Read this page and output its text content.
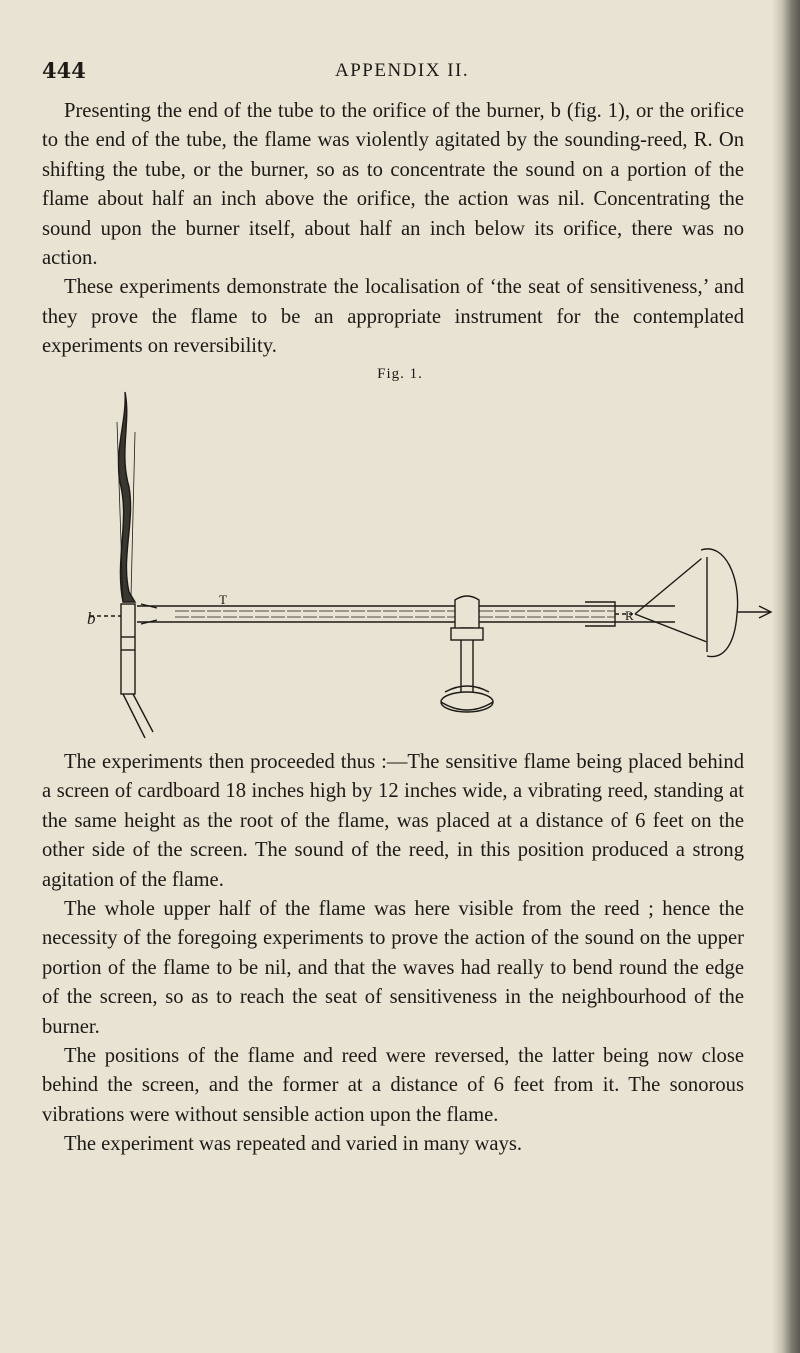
444	APPENDIX II.

Presenting the end of the tube to the orifice of the burner, b (fig. 1), or the orifice to the end of the tube, the flame was violently agitated by the sounding-reed, R. On shifting the tube, or the burner, so as to concentrate the sound on a portion of the flame about half an inch above the orifice, the action was nil. Concentrating the sound upon the burner itself, about half an inch below its orifice, there was no action.

These experiments demonstrate the localisation of ‘the seat of sensitiveness,’ and they prove the flame to be an appropriate instrument for the contemplated experiments on reversibility.

Fig. 1.
b
T
R

The experiments then proceeded thus :—The sensitive flame being placed behind a screen of cardboard 18 inches high by 12 inches wide, a vibrating reed, standing at the same height as the root of the flame, was placed at a distance of 6 feet on the other side of the screen. The sound of the reed, in this position produced a strong agitation of the flame.

The whole upper half of the flame was here visible from the reed ; hence the necessity of the foregoing experiments to prove the action of the sound on the upper portion of the flame to be nil, and that the waves had really to bend round the edge of the screen, so as to reach the seat of sensitiveness in the neighbourhood of the burner.

The positions of the flame and reed were reversed, the latter being now close behind the screen, and the former at a distance of 6 feet from it. The sonorous vibrations were without sensible action upon the flame.

The experiment was repeated and varied in many ways.
